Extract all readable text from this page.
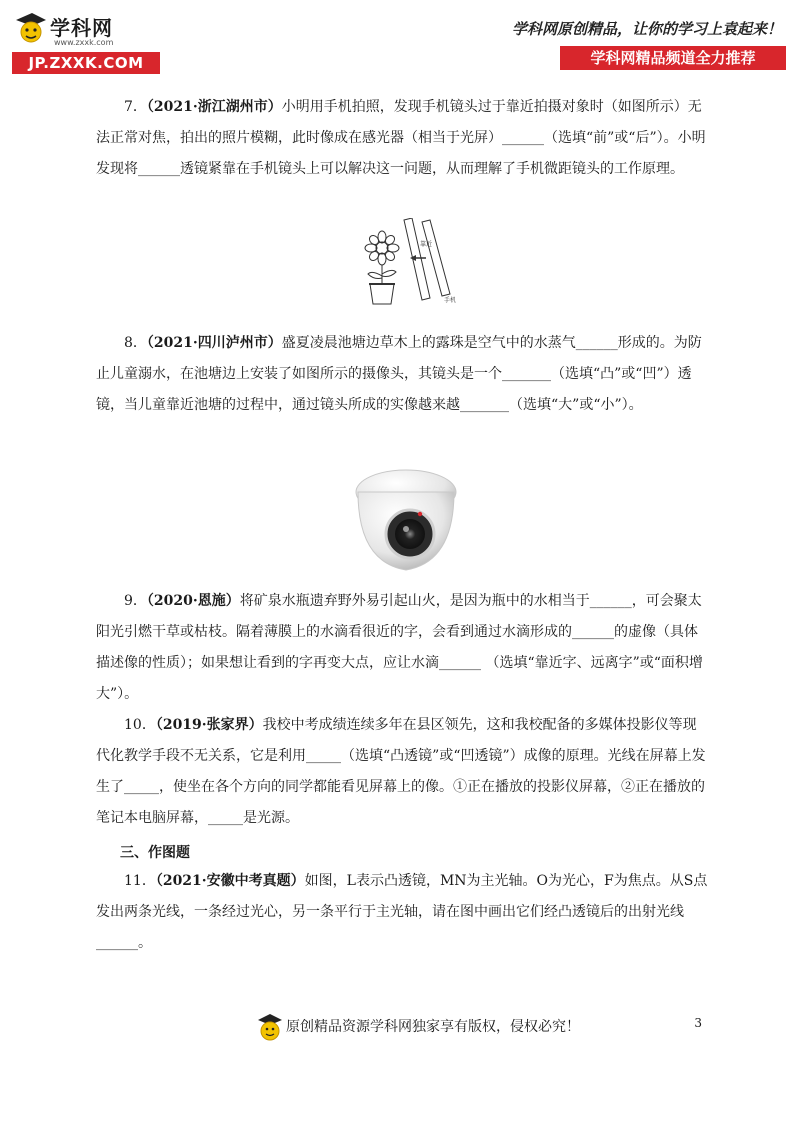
学科网
www.zxxk.com
JP.ZXXK.COM
学科网原创精品，让你的学习上袁起来！
学科网精品频道全力推荐

7．（2021·浙江湖州市）小明用手机拍照，发现手机镜头过于靠近拍摄对象时（如图所示）无法正常对焦，拍出的照片模糊，此时像成在感光器（相当于光屏）______（选填“前”或“后”）。小明发现将______透镜紧靠在手机镜头上可以解决这一问题，从而理解了手机微距镜头的工作原理。

靠近
手机

8．（2021·四川泸州市）盛夏凌晨池塘边草木上的露珠是空气中的水蒸气______形成的。为防止儿童溺水，在池塘边上安装了如图所示的摄像头，其镜头是一个_______（选填“凸”或“凹”）透镜，当儿童靠近池塘的过程中，通过镜头所成的实像越来越_______（选填“大”或“小”）。

9．（2020·恩施）将矿泉水瓶遗弃野外易引起山火，是因为瓶中的水相当于______，可会聚太阳光引燃干草或枯枝。隔着薄膜上的水滴看很近的字，会看到通过水滴形成的______的虚像（具体描述像的性质）；如果想让看到的字再变大点，应让水滴______ （选填“靠近字、远离字”或“面积增大”）。

10．（2019·张家界）我校中考成绩连续多年在县区领先，这和我校配备的多媒体投影仪等现代化教学手段不无关系，它是利用_____（选填“凸透镜”或“凹透镜”）成像的原理。光线在屏幕上发生了_____，使坐在各个方向的同学都能看见屏幕上的像。①正在播放的投影仪屏幕，②正在播放的笔记本电脑屏幕，_____是光源。

三、作图题

11．（2021·安徽中考真题）如图，L表示凸透镜，MN为主光轴。O为光心，F为焦点。从S点发出两条光线，一条经过光心，另一条平行于主光轴，请在图中画出它们经凸透镜后的出射光线______。

原创精品资源学科网独家享有版权，侵权必究！	3
